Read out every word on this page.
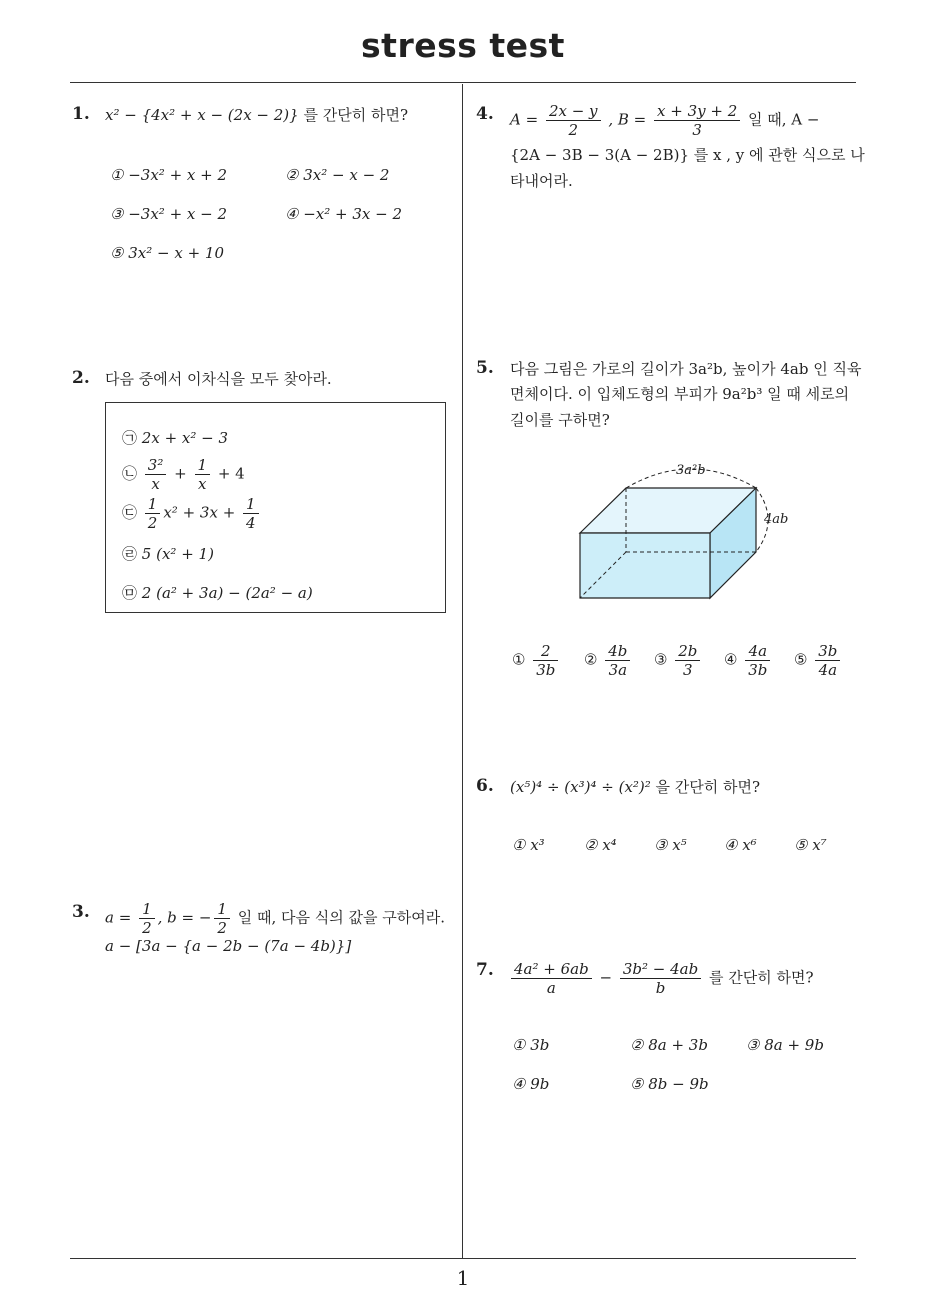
stress test
1
1. x² − {4x² + x − (2x − 2)} 를 간단히 하면?
① −3x² + x + 2	② 3x² − x − 2
③ −3x² + x − 2	④ −x² + 3x − 2
⑤ 3x² − x + 10
2. 다음 중에서 이차식을 모두 찾아라.
㉠ 2x + x² − 3
㉡ $\frac{\text{3²}}{x} + \frac{1}{x} + 4$
㉢ $\frac{1}{2} x^2 + 3x + \frac{1}{4}$
㉣ 5 (x² + 1)
㉤ 2 (a² + 3a) − (2a² − a)
3. $a = \frac{1}{2}$ , b = − $\frac{1}{2}$ 일 때, 다음 식의 값을 구하여라.
a − [3a − {a − 2b − (7a − 4b)}]
4. $A = \frac{2x - y}{2}$ , $B = \frac{x + 3y + 2}{3}$ 일 때, A −
{2A − 3B − 3(A − 2B)} 를 x , y 에 관한 식으로 나
타내어라.
5. 다음 그림은 가로의 길이가 3a²b, 높이가 4ab 인 직육
면체이다. 이 입체도형의 부피가 9a²b³ 일 때 세로의
길이를 구하면?
3a²b
4ab
① $\frac{2}{3b}$ ② $\frac{4b}{3a}$ ③ $\frac{2b}{3}$ ④ $\frac{4a}{3b}$ ⑤ $\frac{3b}{4a}$
6. (x⁵)⁴ ÷ (x³)⁴ ÷ (x²)² 을 간단히 하면?
① x³	② x⁴ ③ x⁵ ④ x⁶ ⑤ x⁷
7. $\frac{\text{4a² + 6ab}}{a} - \frac{\text{3b² − 4ab}}{b}$ 를 간단히 하면?
① 3b	② 8a + 3b	③ 8a + 9b
④ 9b	⑤ 8b − 9b
